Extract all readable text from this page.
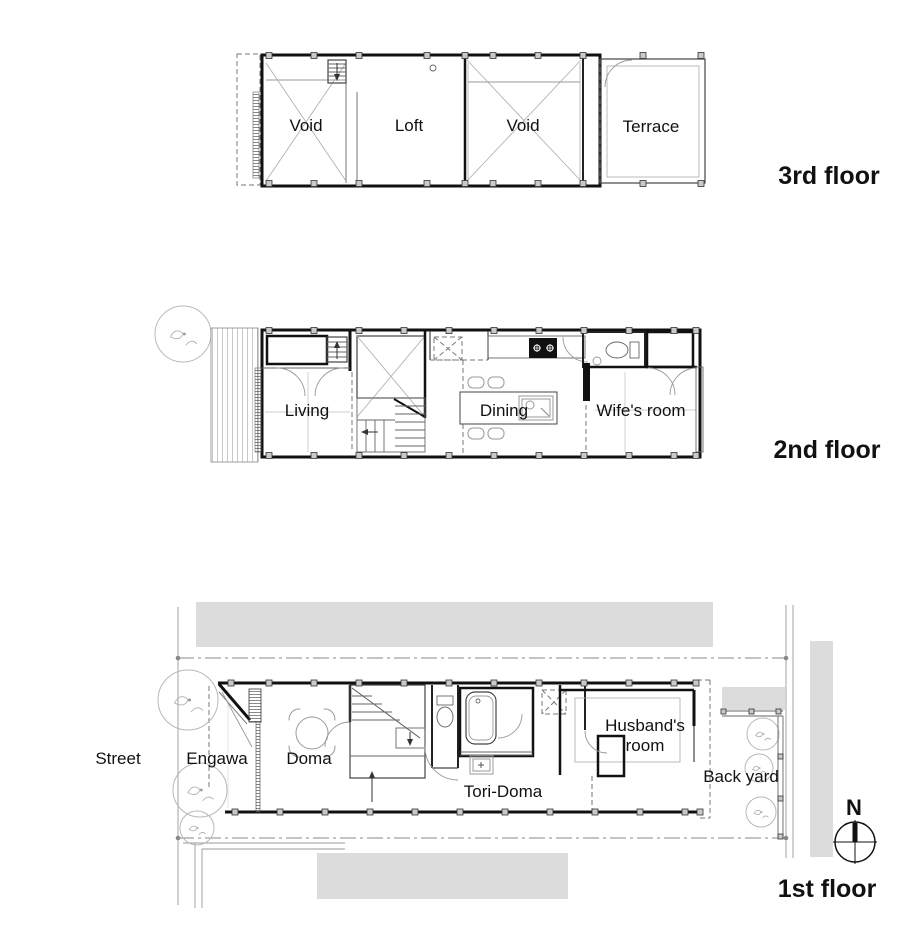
Void	Loft	Void	Terrace
3rd floor
Living	Dining	Wife's room
2nd floor
N
Street	Engawa Doma
Tori-Doma
Husband's
room
Back yard
1st floor
